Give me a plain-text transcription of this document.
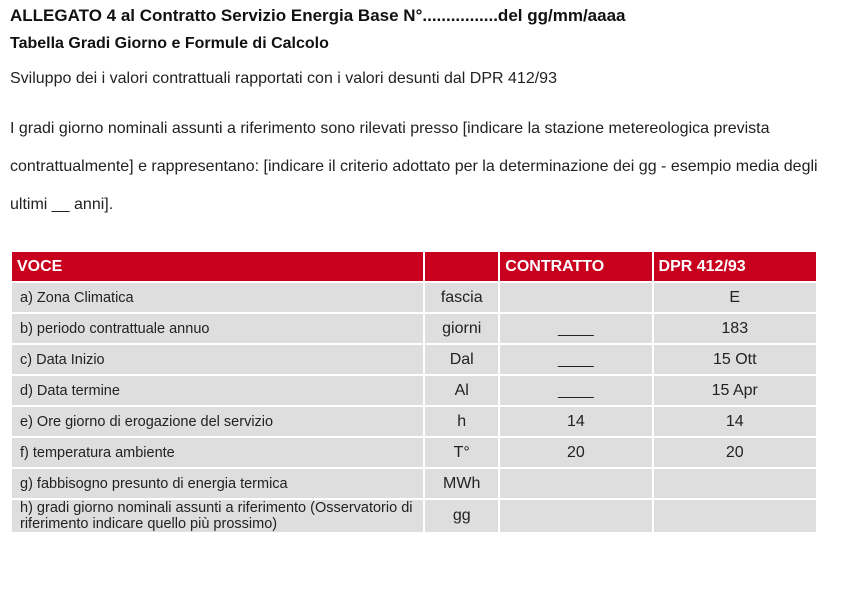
ALLEGATO 4 al Contratto Servizio Energia Base N°................del gg/mm/aaaa
Tabella Gradi Giorno e Formule di Calcolo
Sviluppo dei i valori contrattuali rapportati con i valori desunti dal DPR 412/93
I gradi giorno nominali assunti a riferimento sono rilevati presso [indicare la stazione metereologica prevista contrattualmente] e rappresentano: [indicare il criterio adottato per la determinazione dei gg - esempio media degli ultimi __ anni].
VOCE		CONTRATTO	DPR 412/93
a) Zona Climatica	fascia		E
b) periodo contrattuale annuo	giorni	____	183
c) Data Inizio	Dal	____	15 Ott
d) Data termine	Al	____	15 Apr
e) Ore giorno di erogazione del servizio	h	14	14
f) temperatura ambiente	T°	20	20
g) fabbisogno presunto di energia termica	MWh		
h) gradi giorno nominali assunti a riferimento (Osservatorio di riferimento indicare quello più prossimo)	gg		
